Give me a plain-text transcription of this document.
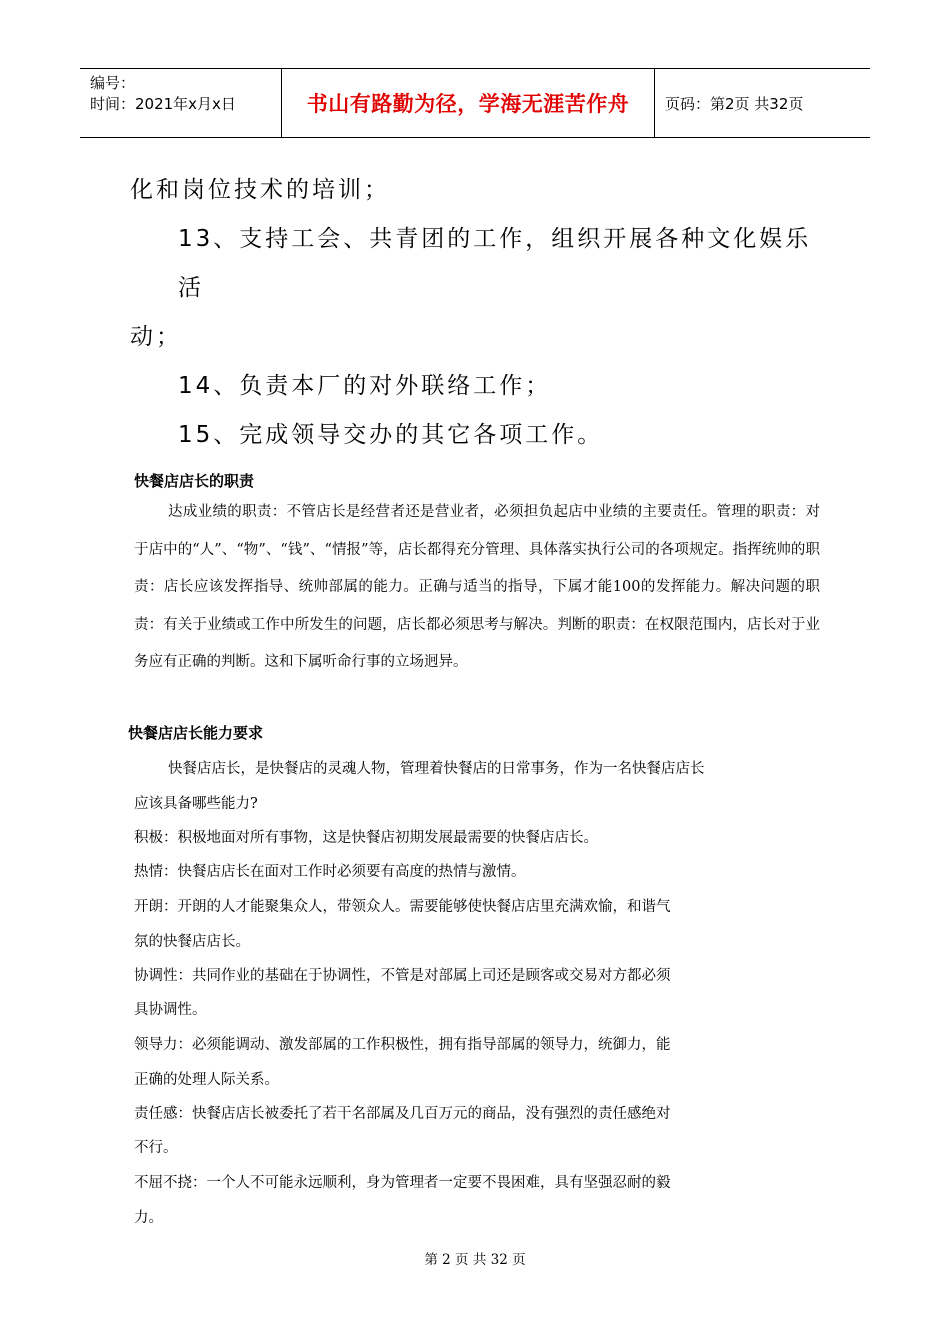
编号：
时间：2021年x月x日	书山有路勤为径，学海无涯苦作舟	页码：第2页 共32页
化和岗位技术的培训；
13、支持工会、共青团的工作，组织开展各种文化娱乐活
动；
14、负责本厂的对外联络工作；
15、完成领导交办的其它各项工作。
快餐店店长的职责
达成业绩的职责：不管店长是经营者还是营业者，必须担负起店中业绩的主要责任。管理的职责：对于店中的“人”、“物”、“钱”、“情报”等，店长都得充分管理、具体落实执行公司的各项规定。指挥统帅的职责：店长应该发挥指导、统帅部属的能力。正确与适当的指导，下属才能100的发挥能力。解决问题的职责：有关于业绩或工作中所发生的问题，店长都必须思考与解决。判断的职责：在权限范围内，店长对于业务应有正确的判断。这和下属听命行事的立场迥异。
快餐店店长能力要求
快餐店店长，是快餐店的灵魂人物，管理着快餐店的日常事务，作为一名快餐店店长
应该具备哪些能力?
积极：积极地面对所有事物，这是快餐店初期发展最需要的快餐店店长。
热情：快餐店店长在面对工作时必须要有高度的热情与激情。
开朗：开朗的人才能聚集众人，带领众人。需要能够使快餐店店里充满欢愉，和谐气
氛的快餐店店长。
协调性：共同作业的基础在于协调性，不管是对部属上司还是顾客或交易对方都必须
具协调性。
领导力：必须能调动、激发部属的工作积极性，拥有指导部属的领导力，统御力，能
正确的处理人际关系。
责任感：快餐店店长被委托了若干名部属及几百万元的商品，没有强烈的责任感绝对
不行。
不屈不挠：一个人不可能永远顺利，身为管理者一定要不畏困难，具有坚强忍耐的毅
力。
第 2 页 共 32 页
